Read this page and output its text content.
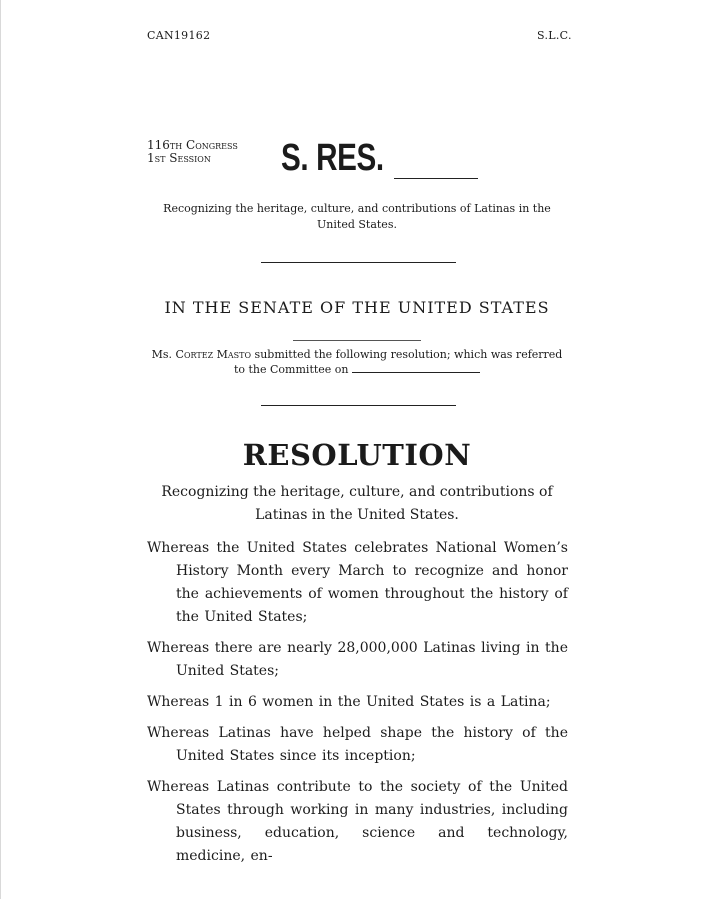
CAN19162	S.L.C.
116th Congress
1st Session	S. RES.
Recognizing the heritage, culture, and contributions of Latinas in the United States.
IN THE SENATE OF THE UNITED STATES
Ms. Cortez Masto submitted the following resolution; which was referred to the Committee on
RESOLUTION
Recognizing the heritage, culture, and contributions of Latinas in the United States.

Whereas the United States celebrates National Women’s History Month every March to recognize and honor the achievements of women throughout the history of the United States;

Whereas there are nearly 28,000,000 Latinas living in the United States;

Whereas 1 in 6 women in the United States is a Latina;

Whereas Latinas have helped shape the history of the United States since its inception;

Whereas Latinas contribute to the society of the United States through working in many industries, including business, education, science and technology, medicine, en-
